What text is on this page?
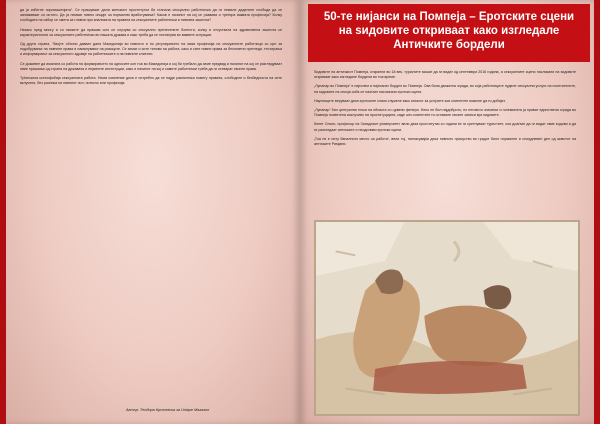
да ја избегне сиромаштијата“. Се прашуваат дали женскиот проститутки би станала сексуално работничка да ги немале дадените слободи да се занимаваат со истото. Да ја немаат нивно опције за нормални вработувања? Каков е начинот на кој се развива и третира ваквата професија? Колку слободата на избор се сметa за главна при анализата на правата на сексуалните работнички и нивната заштита?

Некако пред многу и со ниските да прашам што се случува со сексуално пренесените болести, колку и отсуствата на здравствена заштита се карактеристични за сексуалните работнички во нашата држава и како треба да се постапува во ваквите ситуации.

Од друга страна, ‘Ѕвојте обично даваат дали Македонија во нивното и по регулирањето на оваа професија на сексуалните работници со цел за подобрување на нивните права и намалување на ризиците. Се земат и сите типови на работа, како и сите нивни права за бесплатни прегледи, тестирања и информирање за сексуалното здравје на работничките и на нивните клиенти.

Се доживее да ималата со работа на формирањето на односите кон тоа во Македонија и кој би требало да земе предвид и начинот на кој се разгледуваат овие прашања од страна на државата и нејзините институции, како и начинот на кој и самите работнички треба да ги остварат своите права.

Туѓинската ксенофобија сексуалната работа. Нема сомнение дека е потребно да се најде рамнотежа помеѓу правата, слободите и безбедноста на сите вклучени, без разлика на нивниот пол, потекло или професија.

Автор: Теодора Крстевска за Unique Магазин
50-те нијанси на Помпеја – Еротските сцени на ѕидовите откриваат како изгледале Античките бордели

Ѕидовите на античкиот Помпеја, откриени во 18 век, туристите можат да ги видат од септември 2016 година, а сексуалните сцени насликани на ѕидовите откриваат како изгледале бордели во тоа време.

„Лупанар во Помпеја“ е најголем и најпознат бордел во Помпеја. Ова била двокатна зграда, во која работниците нуделе сексуални услуги на посетителите, на ѕидовите на секоја соба се наоѓаат насликани еротски сцени.

Научниците веруваат дека еротските слики служеле како каталог за услугите кои клиентите можеле да ги добијат.

„Лупанар“ бил централна точка на областа со црвени фенери. Неко не бил најдоброто, но неговото значење и големината ја прават единствена зграда во Помпеја посветена исклучиво на проституцијата, каде што клиентите ги оставале своите записи врз ѕидовите.

Кенет Олсон, професор на Западниот универзитет, вели дека проститутки со години ќе ги сретнуваат туристите, кои доаѓаат да ги видат овие ѕидови и да ги разгледаат античките и неодоливи еротски сцени.

„Тоа не е ниту баналното место за работа“, вели тој, нагласувајќи дека нивното присуство во градот било нормален и секојдневен дел од животот на античките Римјани.
